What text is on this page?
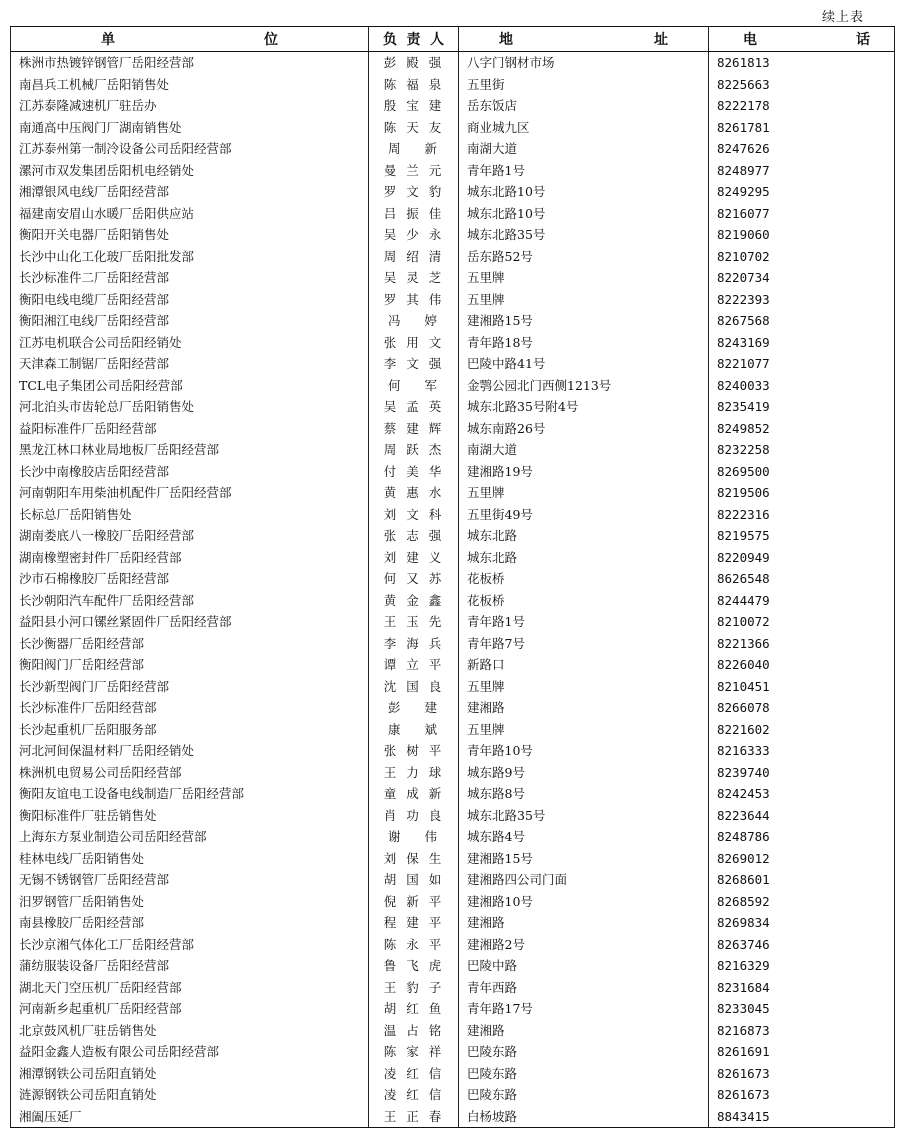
续上表
单 位	负 责 人	地 址	电 话

株洲市热镀锌钢管厂岳阳经营部	彭殿强	八字门钢材市场	8261813
南昌兵工机械厂岳阳销售处	陈福泉	五里街	8225663
江苏泰隆减速机厂驻岳办	殷宝建	岳东饭店	8222178
南通高中压阀门厂湖南销售处	陈天友	商业城九区	8261781
江苏泰州第一制冷设备公司岳阳经营部	周 新	南湖大道	8247626
漯河市双发集团岳阳机电经销处	曼兰元	青年路1号	8248977
湘潭银风电线厂岳阳经营部	罗文豹	城东北路10号	8249295
福建南安眉山水暖厂岳阳供应站	吕振佳	城东北路10号	8216077
衡阳开关电器厂岳阳销售处	吴少永	城东北路35号	8219060
长沙中山化工化玻厂岳阳批发部	周绍清	岳东路52号	8210702
长沙标准件二厂岳阳经营部	吴灵芝	五里牌	8220734
衡阳电线电缆厂岳阳经营部	罗其伟	五里牌	8222393
衡阳湘江电线厂岳阳经营部	冯 婷	建湘路15号	8267568
江苏电机联合公司岳阳经销处	张用文	青年路18号	8243169
天津森工制锯厂岳阳经营部	李文强	巴陵中路41号	8221077
TCL电子集团公司岳阳经营部	何 军	金鹗公园北门西侧1213号	8240033
河北泊头市齿轮总厂岳阳销售处	吴孟英	城东北路35号附4号	8235419
益阳标准件厂岳阳经营部	蔡建辉	城东南路26号	8249852
黑龙江林口林业局地板厂岳阳经营部	周跃杰	南湖大道	8232258
长沙中南橡胶店岳阳经营部	付美华	建湘路19号	8269500
河南朝阳车用柴油机配件厂岳阳经营部	黄惠水	五里牌	8219506
长标总厂岳阳销售处	刘文科	五里街49号	8222316
湖南娄底八一橡胶厂岳阳经营部	张志强	城东北路	8219575
湖南橡塑密封件厂岳阳经营部	刘建义	城东北路	8220949
沙市石棉橡胶厂岳阳经营部	何又苏	花板桥	8626548
长沙朝阳汽车配件厂岳阳经营部	黄金鑫	花板桥	8244479
益阳县小河口镙丝紧固件厂岳阳经营部	王玉先	青年路1号	8210072
长沙衡器厂岳阳经营部	李海兵	青年路7号	8221366
衡阳阀门厂岳阳经营部	谭立平	新路口	8226040
长沙新型阀门厂岳阳经营部	沈国良	五里牌	8210451
长沙标准件厂岳阳经营部	彭 建	建湘路	8266078
长沙起重机厂岳阳服务部	康 斌	五里牌	8221602
河北河间保温材料厂岳阳经销处	张树平	青年路10号	8216333
株洲机电贸易公司岳阳经营部	王力球	城东路9号	8239740
衡阳友谊电工设备电线制造厂岳阳经营部	童成新	城东路8号	8242453
衡阳标准件厂驻岳销售处	肖功良	城东北路35号	8223644
上海东方泵业制造公司岳阳经营部	谢 伟	城东路4号	8248786
桂林电线厂岳阳销售处	刘保生	建湘路15号	8269012
无锡不锈钢管厂岳阳经营部	胡国如	建湘路四公司门面	8268601
汨罗钢管厂岳阳销售处	倪新平	建湘路10号	8268592
南县橡胶厂岳阳经营部	程建平	建湘路	8269834
长沙京湘气体化工厂岳阳经营部	陈永平	建湘路2号	8263746
蒲纺服装设备厂岳阳经营部	鲁飞虎	巴陵中路	8216329
湖北天门空压机厂岳阳经营部	王豹子	青年西路	8231684
河南新乡起重机厂岳阳经营部	胡红鱼	青年路17号	8233045
北京鼓风机厂驻岳销售处	温占铭	建湘路	8216873
益阳金鑫人造板有限公司岳阳经营部	陈家祥	巴陵东路	8261691
湘潭钢铁公司岳阳直销处	凌红信	巴陵东路	8261673
涟源钢铁公司岳阳直销处	凌红信	巴陵东路	8261673
湘阖压延厂	王正春	白杨坡路	8843415
